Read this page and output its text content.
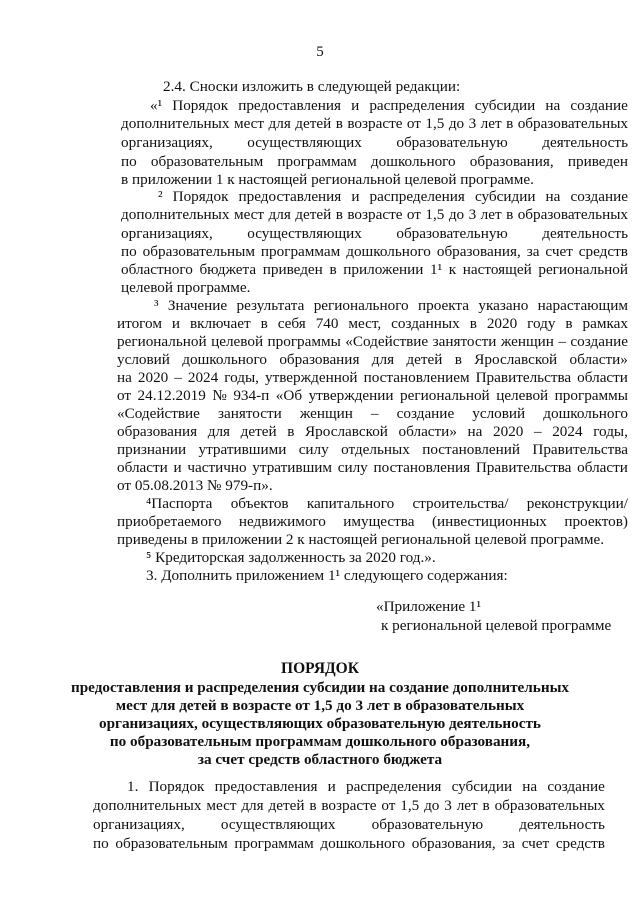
5
2.4. Сноски изложить в следующей редакции:
«¹ Порядок предоставления и распределения субсидии на создание
дополнительных мест для детей в возрасте от 1,5 до 3 лет в образовательных
организациях, осуществляющих образовательную деятельность
по образовательным программам дошкольного образования, приведен
в приложении 1 к настоящей региональной целевой программе.
² Порядок предоставления и распределения субсидии на создание
дополнительных мест для детей в возрасте от 1,5 до 3 лет в образовательных
организациях, осуществляющих образовательную деятельность
по образовательным программам дошкольного образования, за счет средств
областного бюджета приведен в приложении 1¹ к настоящей региональной
целевой программе.
³ Значение результата регионального проекта указано нарастающим
итогом и включает в себя 740 мест, созданных в 2020 году в рамках
региональной целевой программы «Содействие занятости женщин – создание
условий дошкольного образования для детей в Ярославской области»
на 2020 – 2024 годы, утвержденной постановлением Правительства области
от 24.12.2019 № 934-п «Об утверждении региональной целевой программы
«Содействие занятости женщин – создание условий дошкольного
образования для детей в Ярославской области» на 2020 – 2024 годы,
признании утратившими силу отдельных постановлений Правительства
области и частично утратившим силу постановления Правительства области
от 05.08.2013 № 979-п».
⁴Паспорта объектов капитального строительства/ реконструкции/
приобретаемого недвижимого имущества (инвестиционных проектов)
приведены в приложении 2 к настоящей региональной целевой программе.
⁵ Кредиторская задолженность за 2020 год.».
3. Дополнить приложением 1¹ следующего содержания:
«Приложение 1¹
к региональной целевой программе
ПОРЯДОК
предоставления и распределения субсидии на создание дополнительных
мест для детей в возрасте от 1,5 до 3 лет в образовательных
организациях, осуществляющих образовательную деятельность
по образовательным программам дошкольного образования,
за счет средств областного бюджета
1. Порядок предоставления и распределения субсидии на создание
дополнительных мест для детей в возрасте от 1,5 до 3 лет в образовательных
организациях, осуществляющих образовательную деятельность
по образовательным программам дошкольного образования, за счет средств
